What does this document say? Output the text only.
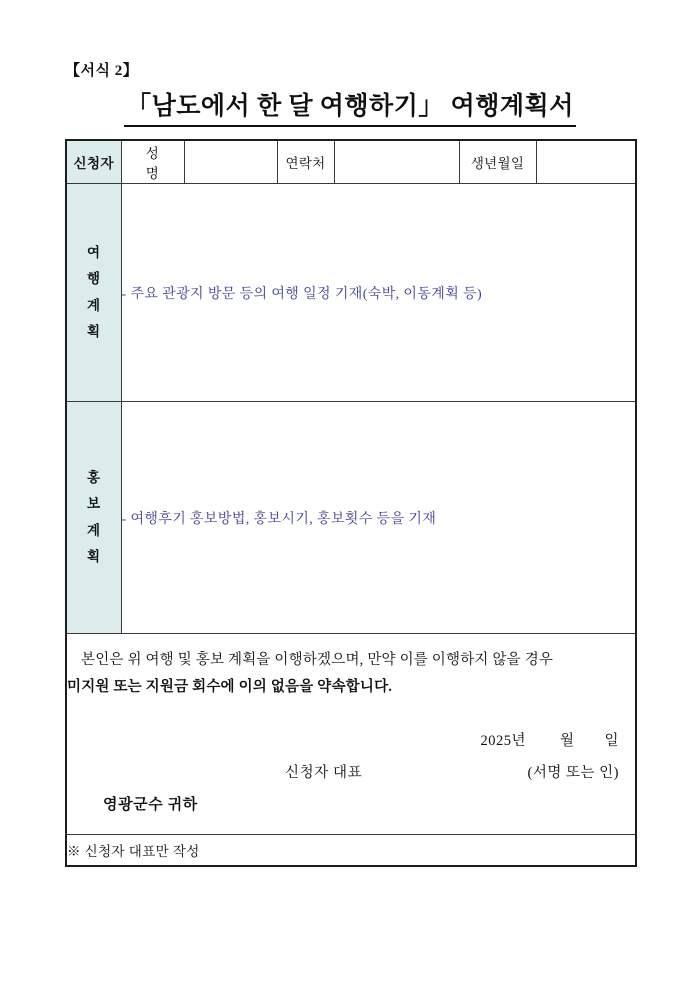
【서식 2】
「남도에서 한 달 여행하기」 여행계획서
신청자	성명		연락처		생년월일	

여
행
계
획	- 주요 관광지 방문 등의 여행 일정 기재(숙박, 이동계획 등)					

홍
보
계
획	- 여행후기 홍보방법, 홍보시기, 홍보횟수 등을 기재					

본인은 위 여행 및 홍보 계획을 이행하겠으며, 만약 이를 이행하지 않을 경우
미지원 또는 지원금 회수에 이의 없음을 약속합니다.
2025년 월 일
신청자 대표	(서명 또는 인)
영광군수 귀하

※ 신청자 대표만 작성						
